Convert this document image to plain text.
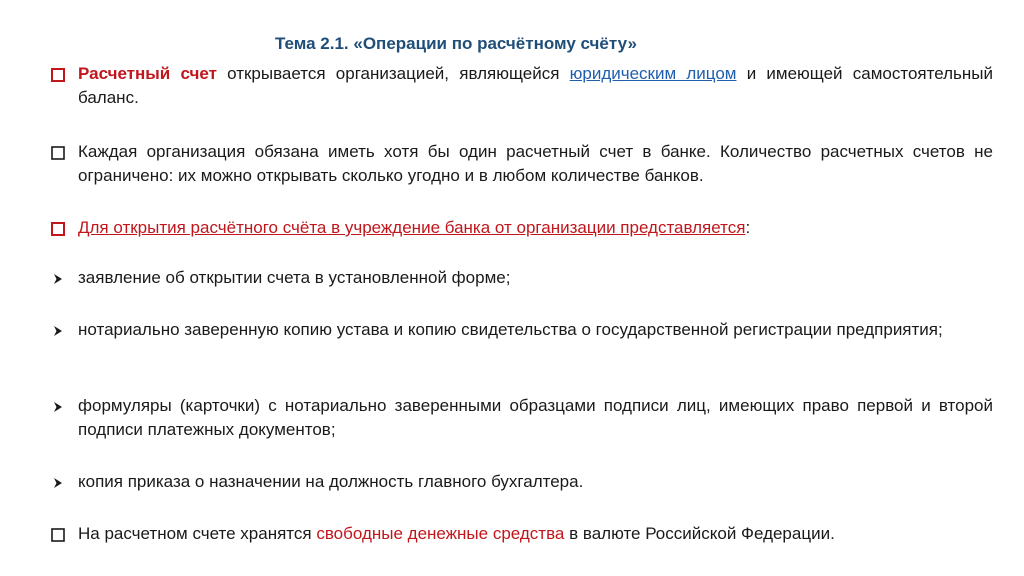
Тема 2.1. «Операции по расчётному счёту»
Расчетный счет открывается организацией, являющейся юридическим лицом и имеющей самостоятельный баланс.
Каждая организация обязана иметь хотя бы один расчетный счет в банке. Количество расчетных счетов не ограничено: их можно открывать сколько угодно и в любом количестве банков.
Для открытия расчётного счёта в учреждение банка от организации представляется:
заявление об открытии счета в установленной форме;
нотариально заверенную копию устава и копию свидетельства о государственной регистрации предприятия;
формуляры (карточки) с нотариально заверенными образцами подписи лиц, имеющих право первой и второй подписи платежных документов;
копия приказа о назначении на должность главного бухгалтера.
На расчетном счете хранятся свободные денежные средства в валюте Российской Федерации.
